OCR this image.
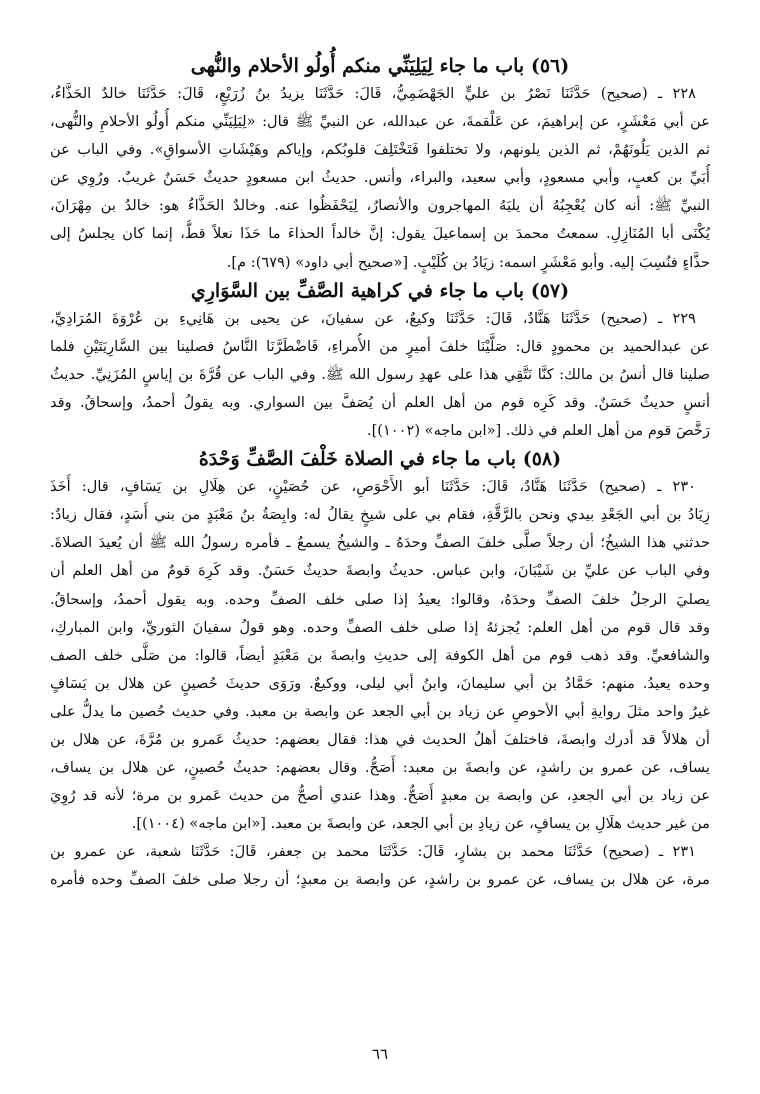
(٥٦) باب ما جاء لِيَلِيَنِّي منكم أُولُو الأحلام والنُّهى

٢٢٨ ـ (صحيح) حَدَّثَنَا نَصْرُ بن عليٍّ الجَهْضَمِيُّ، قَالَ: حَدَّثَنَا يزيدُ بنُ زُرَيْعٍ، قَالَ: حَدَّثَنَا خالدٌ الحَذَّاءُ،
عن أبي مَعْشَرٍ، عن إبراهيمَ، عن عَلْقمةَ، عن عبدالله، عن النبيِّ ﷺ قال: «لِيَلِيَنِّي منكم أُولُو الأحلامِ والنُّهى،
ثم الذين يَلُونَهُمْ، ثم الذين يلونهم، ولا تختلفوا فَتَخْتَلِفَ قلوبُكم، وإياكم وهَيْشَاتِ الأسواقِ». وفي الباب عن
أُبَيِّ بن كعبٍ، وأبي مسعودٍ، وأبي سعيد، والبراء، وأنس. حديثُ ابن مسعودٍ حديثٌ حَسَنٌ غريبٌ. ورُوِي عن
النبيِّ ﷺ: أنه كان يُعْجِبُهُ أن يليَهُ المهاجرون والأنصارُ، لِيَحْفَظُوا عنه. وخالدٌ الحَذَّاءُ هو: خالدُ بن مِهْرَانَ،
يُكْنَى أبا المُنَازِلِ. سمعتُ محمدَ بن إسماعيلَ يقول: إنَّ خالداً الحذاءَ ما حَذَا نعلاً قطُّ، إنما كان يجلسُ إلى
حذَّاءٍ فنُسِبَ إليه. وأبو مَعْشَرٍ اسمه: زيَادُ بن كُلَيْبٍ. [«صحيح أبي داود» (٦٧٩): م].

(٥٧) باب ما جاء في كراهية الصَّفِّ بين السَّوَارِي

٢٢٩ ـ (صحيح) حَدَّثَنَا هَنَّادٌ، قَالَ: حَدَّثَنَا وكيعٌ، عن سفيانَ، عن يحيى بن هَانِيءِ بن عُرْوَةَ المُرَادِيِّ،
عن عبدالحميد بن محمودٍ قال: صَلَّيْنَا خلفَ أميرٍ من الأُمراءِ، فَاضْطَرَّنَا النَّاسُ فصلينا بين السَّارِيَتَيْنِ فلما
صلينا قال أنسُ بن مالك: كنَّا نَتَّقِي هذا على عهدِ رسول الله ﷺ. وفي الباب عن قُرَّةَ بن إياسٍ المُزَنِيِّ. حديثُ
أنسٍ حديثٌ حَسَنٌ. وقد كَرِه قوم من أهل العلم أن يُصَفَّ بين السواري. وبه يقولُ أحمدُ، وإسحاقُ. وقد
رَخَّصَ قوم من أهل العلم في ذلك. [«ابن ماجه» (١٠٠٢)].

(٥٨) باب ما جاء في الصلاة خَلْفَ الصَّفِّ وَحْدَهُ

٢٣٠ ـ (صحيح) حَدَّثَنَا هَنَّادٌ، قَالَ: حَدَّثَنَا أبو الأَحْوَصِ، عن حُصَيْنٍ، عن هِلَالِ بن يَسَافٍ، قال: أَخَذَ
زِيَادُ بن أبي الجَعْدِ بيدي ونحن بالرَّقَّةِ، فقام بي على شيخٍ يقالُ له: وابِصَةُ بنُ مَعْبَدٍ من بني أَسَدٍ، فقال زيادٌ:
حدثني هذا الشيخُ؛ أن رجلاً صلَّى خلفَ الصفِّ وحدَهُ ـ والشيخُ يسمعُ ـ فأمره رسولُ الله ﷺ أن يُعيدَ الصلاةَ.
وفي الباب عن عليِّ بن شَيْبَانَ، وابن عباس. حديثُ وابصةَ حديثٌ حَسَنٌ. وقد كَرِهَ قومٌ من أهل العلم أن
يصليَ الرجلُ خلفَ الصفِّ وحدَهُ، وقالوا: يعيدُ إذا صلى خلف الصفِّ وحده. وبه يقول أحمدُ، وإسحاقُ.
وقد قال قوم من أهل العلم: يُجزئهُ إذا صلى خلف الصفِّ وحده. وهو قولُ سفيانَ الثوريِّ، وابن المباركِ،
والشافعيِّ. وقد ذهب قوم من أهل الكوفة إلى حديثِ وابصةَ بن مَعْبَدٍ أيضاً، قالوا: من صَلَّى خلف الصف
وحده يعيدُ. منهم: حَمَّادُ بن أبي سليمانَ، وابنُ أبي ليلى، ووكيعٌ. ورَوَى حديثَ حُصينٍ عن هلال بن يَسَافٍ
غيرُ واحد مثلَ روايةِ أبي الأحوصِ عن زياد بن أبي الجعد عن وابصة بن معبد. وفي حديث حُصين ما يدلُّ على
أن هلالاً قد أدرك وابصةَ، فاختلفَ أهلُ الحديث في هذا: فقال بعضهم: حديثُ عَمرو بن مُرَّةَ، عن هلال بن
يساف، عن عمرو بن راشدٍ، عن وابصةَ بن معبد: أَصَحُّ. وقال بعضهم: حديثُ حُصينٍ، عن هلال بن يساف،
عن زياد بن أبي الجعدِ، عن وابصة بن معبدٍ أَصَحُّ. وهذا عندي أصحُّ من حديث عَمرو بن مرة؛ لأنه قد رُوِيَ
من غير حديث هلَالِ بن يسافٍ، عن زيادِ بن أبي الجعد، عن وابصةَ بن معبد. [«ابن ماجه» (١٠٠٤)].
٢٣١ ـ (صحيح) حَدَّثَنَا محمد بن بشارٍ، قَالَ: حَدَّثَنَا محمد بن جعفر، قَالَ: حَدَّثَنَا شعبة، عن عمرو بن
مرة، عن هلال بن يساف، عن عمرو بن راشدٍ، عن وابصة بن معبدٍ؛ أن رجلا صلى خلفَ الصفِّ وحده فأمره

٦٦
